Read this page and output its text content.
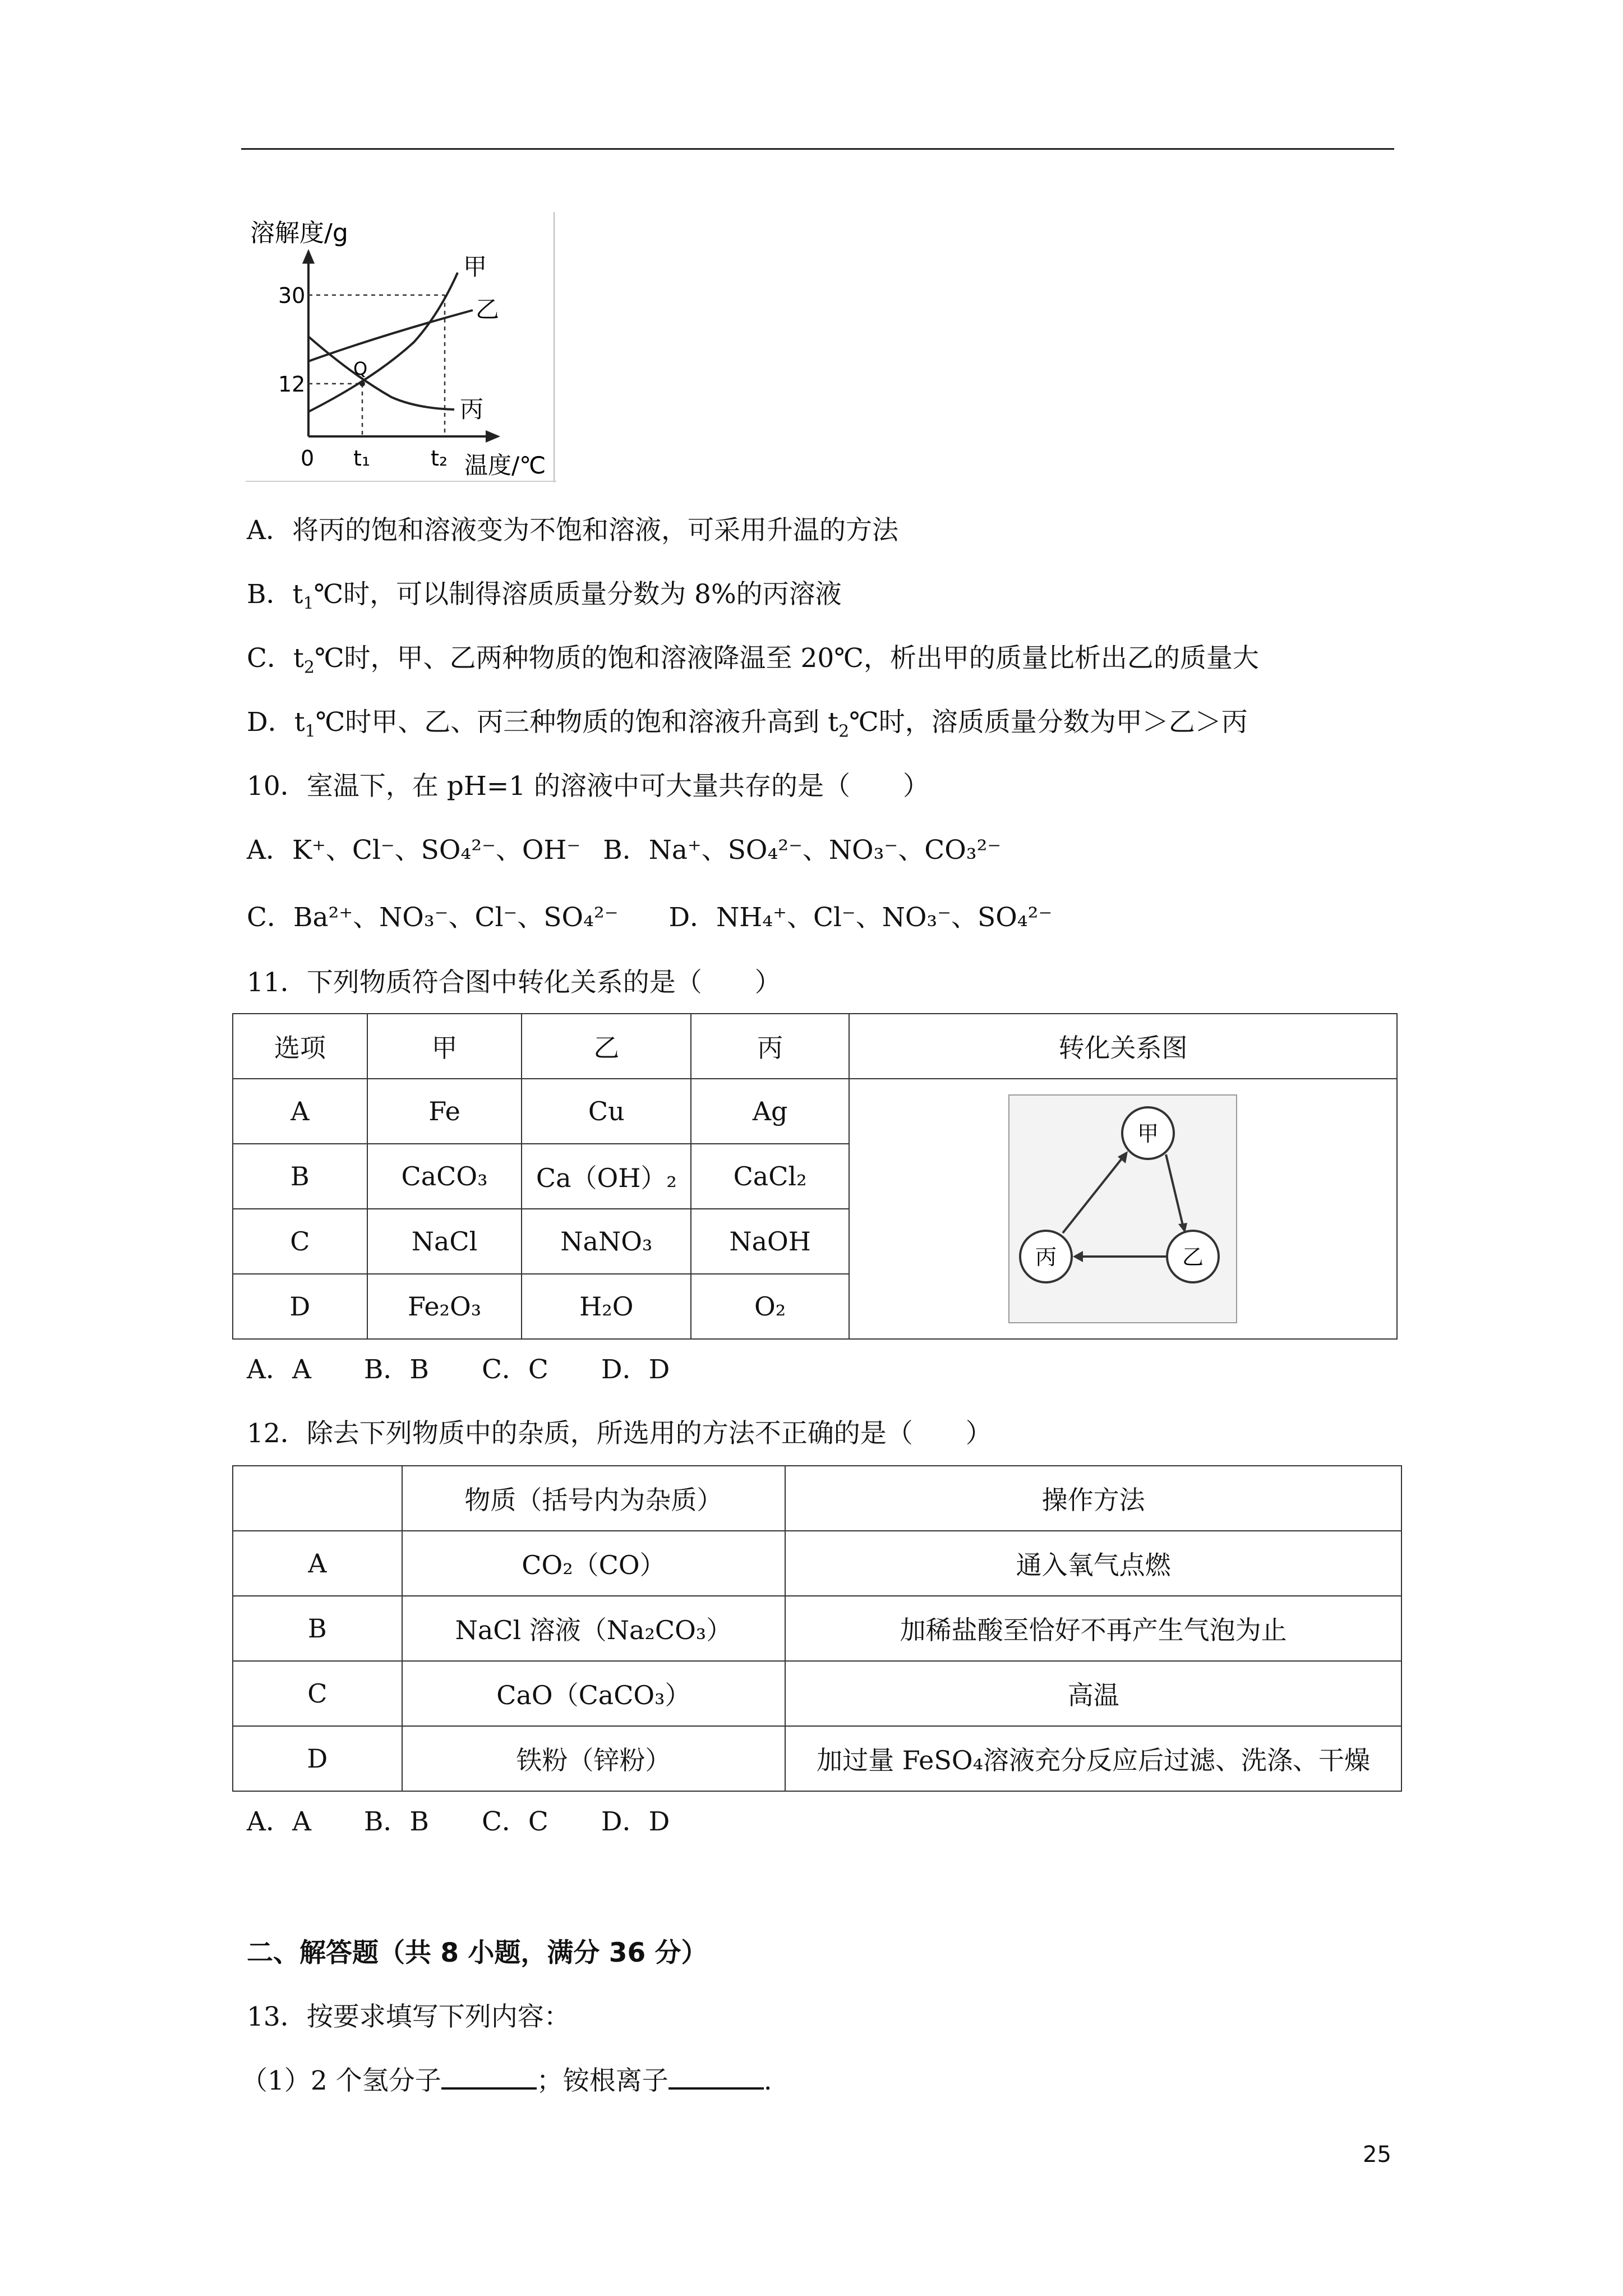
溶解度/g
30
12
0 t₁	t₂
Q
甲
乙
丙
温度/℃
A．将丙的饱和溶液变为不饱和溶液，可采用升温的方法
B．$t_1℃$时，可以制得溶质质量分数为 8%的丙溶液
C．$t_2℃$时，甲、乙两种物质的饱和溶液降温至 20℃，析出甲的质量比析出乙的质量大
D．$t_1℃$时甲、乙、丙三种物质的饱和溶液升高到 $t_2℃$时，溶质质量分数为甲＞乙＞丙
10．室温下，在 pH=1 的溶液中可大量共存的是（　　）
A．K⁺、Cl⁻、SO₄²⁻、OH⁻ B．Na⁺、SO₄²⁻、NO₃⁻、CO₃²⁻
C．Ba²⁺、NO₃⁻、Cl⁻、SO₄²⁻ D．NH₄⁺、Cl⁻、NO₃⁻、SO₄²⁻
11．下列物质符合图中转化关系的是（　　）
选项	甲	乙	丙	转化关系图
A	Fe	Cu	Ag	甲
乙
丙

B	CaCO₃	Ca（OH）₂	CaCl₂	
C	NaCl	NaNO₃	NaOH	
D	Fe₂O₃	H₂O	O₂	
A．A　　B．B　　C．C　　D．D
12．除去下列物质中的杂质，所选用的方法不正确的是（　　）
	物质（括号内为杂质）	操作方法
A	CO₂（CO）	通入氧气点燃
B	NaCl 溶液（Na₂CO₃）	加稀盐酸至恰好不再产生气泡为止
C	CaO（CaCO₃）	高温
D	铁粉（锌粉）	加过量 FeSO₄溶液充分反应后过滤、洗涤、干燥
A．A　　B．B　　C．C　　D．D
二、解答题（共 8 小题，满分 36 分）
13．按要求填写下列内容：
（1）2 个氢分子	；铵根离子	.
25
